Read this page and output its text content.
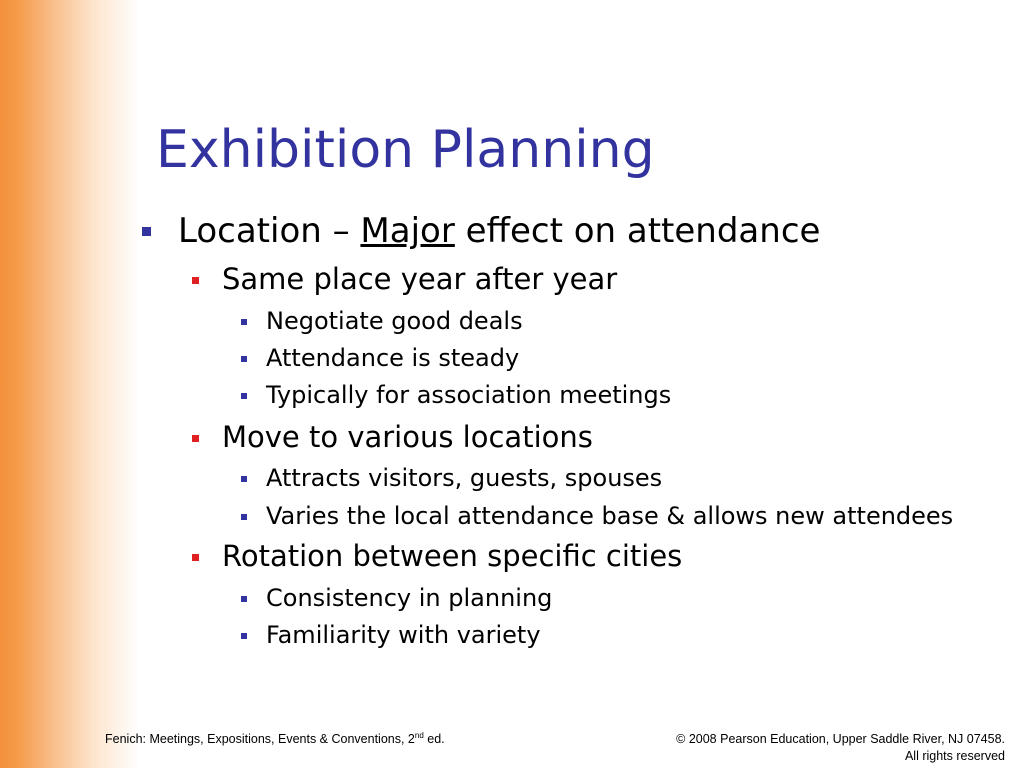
Exhibition Planning
Location – Major effect on attendance
Same place year after year
Negotiate good deals
Attendance is steady
Typically for association meetings
Move to various locations
Attracts visitors, guests, spouses
Varies the local attendance base & allows new attendees
Rotation between specific cities
Consistency in planning
Familiarity with variety
Fenich: Meetings, Expositions, Events & Conventions, 2nd ed.	© 2008 Pearson Education, Upper Saddle River, NJ 07458.
All rights reserved
